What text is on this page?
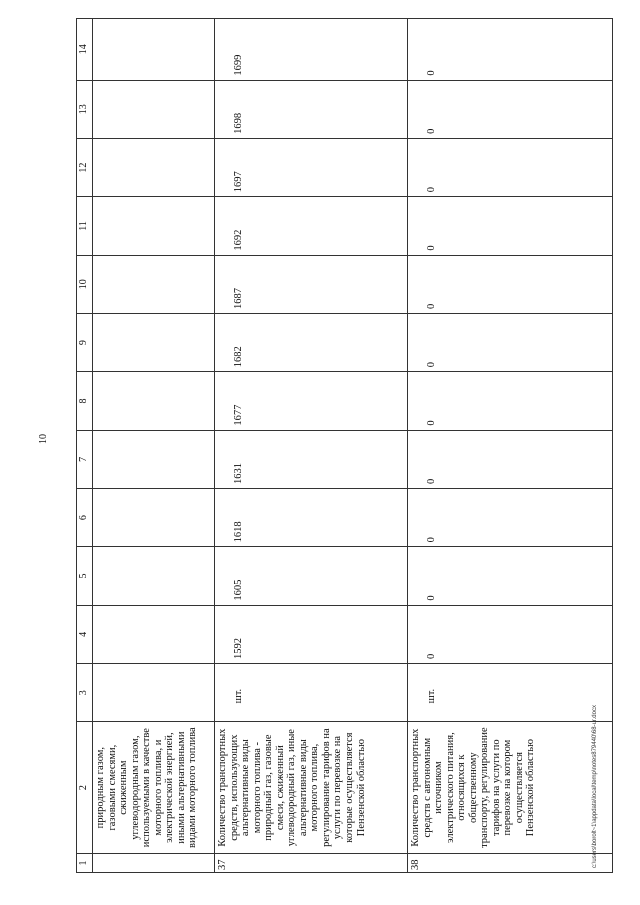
10
1	2	3	4	5	6	7	8	9	10	11	12	13	14
	природным газом, газовыми смесями, сжиженным углеводородным газом, используемыми в качестве моторного топлива, и электрической энергией, иными альтернативными видами моторного топлива												
37	Количество транспортных средств, использующих альтернативные виды моторного топлива - природный газ, газовые смеси, сжиженный углеводородный газ, иные альтернативные виды моторного топлива, регулирование тарифов на услуги по перевозке на которые осуществляется Пензенской областью	шт.	1592	1605	1618	1631	1677	1682	1687	1692	1697	1698	1699
38	Количество транспортных средств с автономным источником электрического питания, относящихся к общественному транспорту, регулирование тарифов на услуги по перевозке на котором осуществляется Пензенской областью	шт.	0	0	0	0	0	0	0	0	0	0	0
c:\users\borolt~1\appdata\local\temp\notes879440\68-ur.docx
